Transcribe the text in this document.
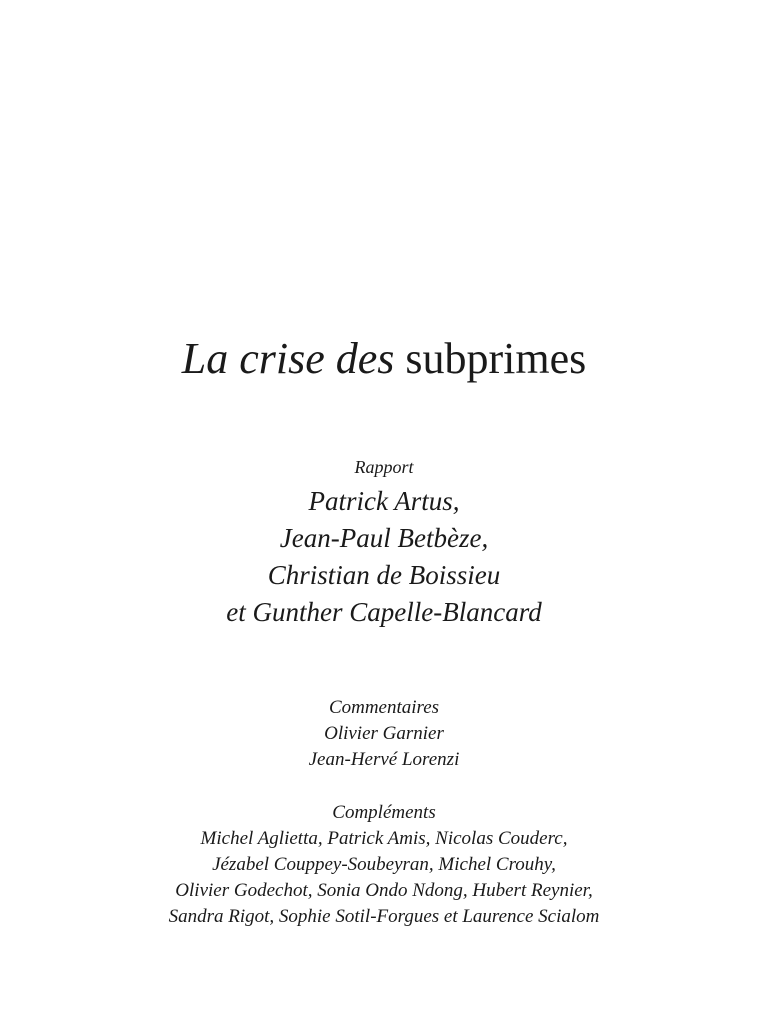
La crise des subprimes
Rapport
Patrick Artus,
Jean-Paul Betbèze,
Christian de Boissieu
et Gunther Capelle-Blancard
Commentaires
Olivier Garnier
Jean-Hervé Lorenzi
Compléments
Michel Aglietta, Patrick Amis, Nicolas Couderc,
Jézabel Couppey-Soubeyran, Michel Crouhy,
Olivier Godechot, Sonia Ondo Ndong, Hubert Reynier,
Sandra Rigot, Sophie Sotil-Forgues et Laurence Scialom
